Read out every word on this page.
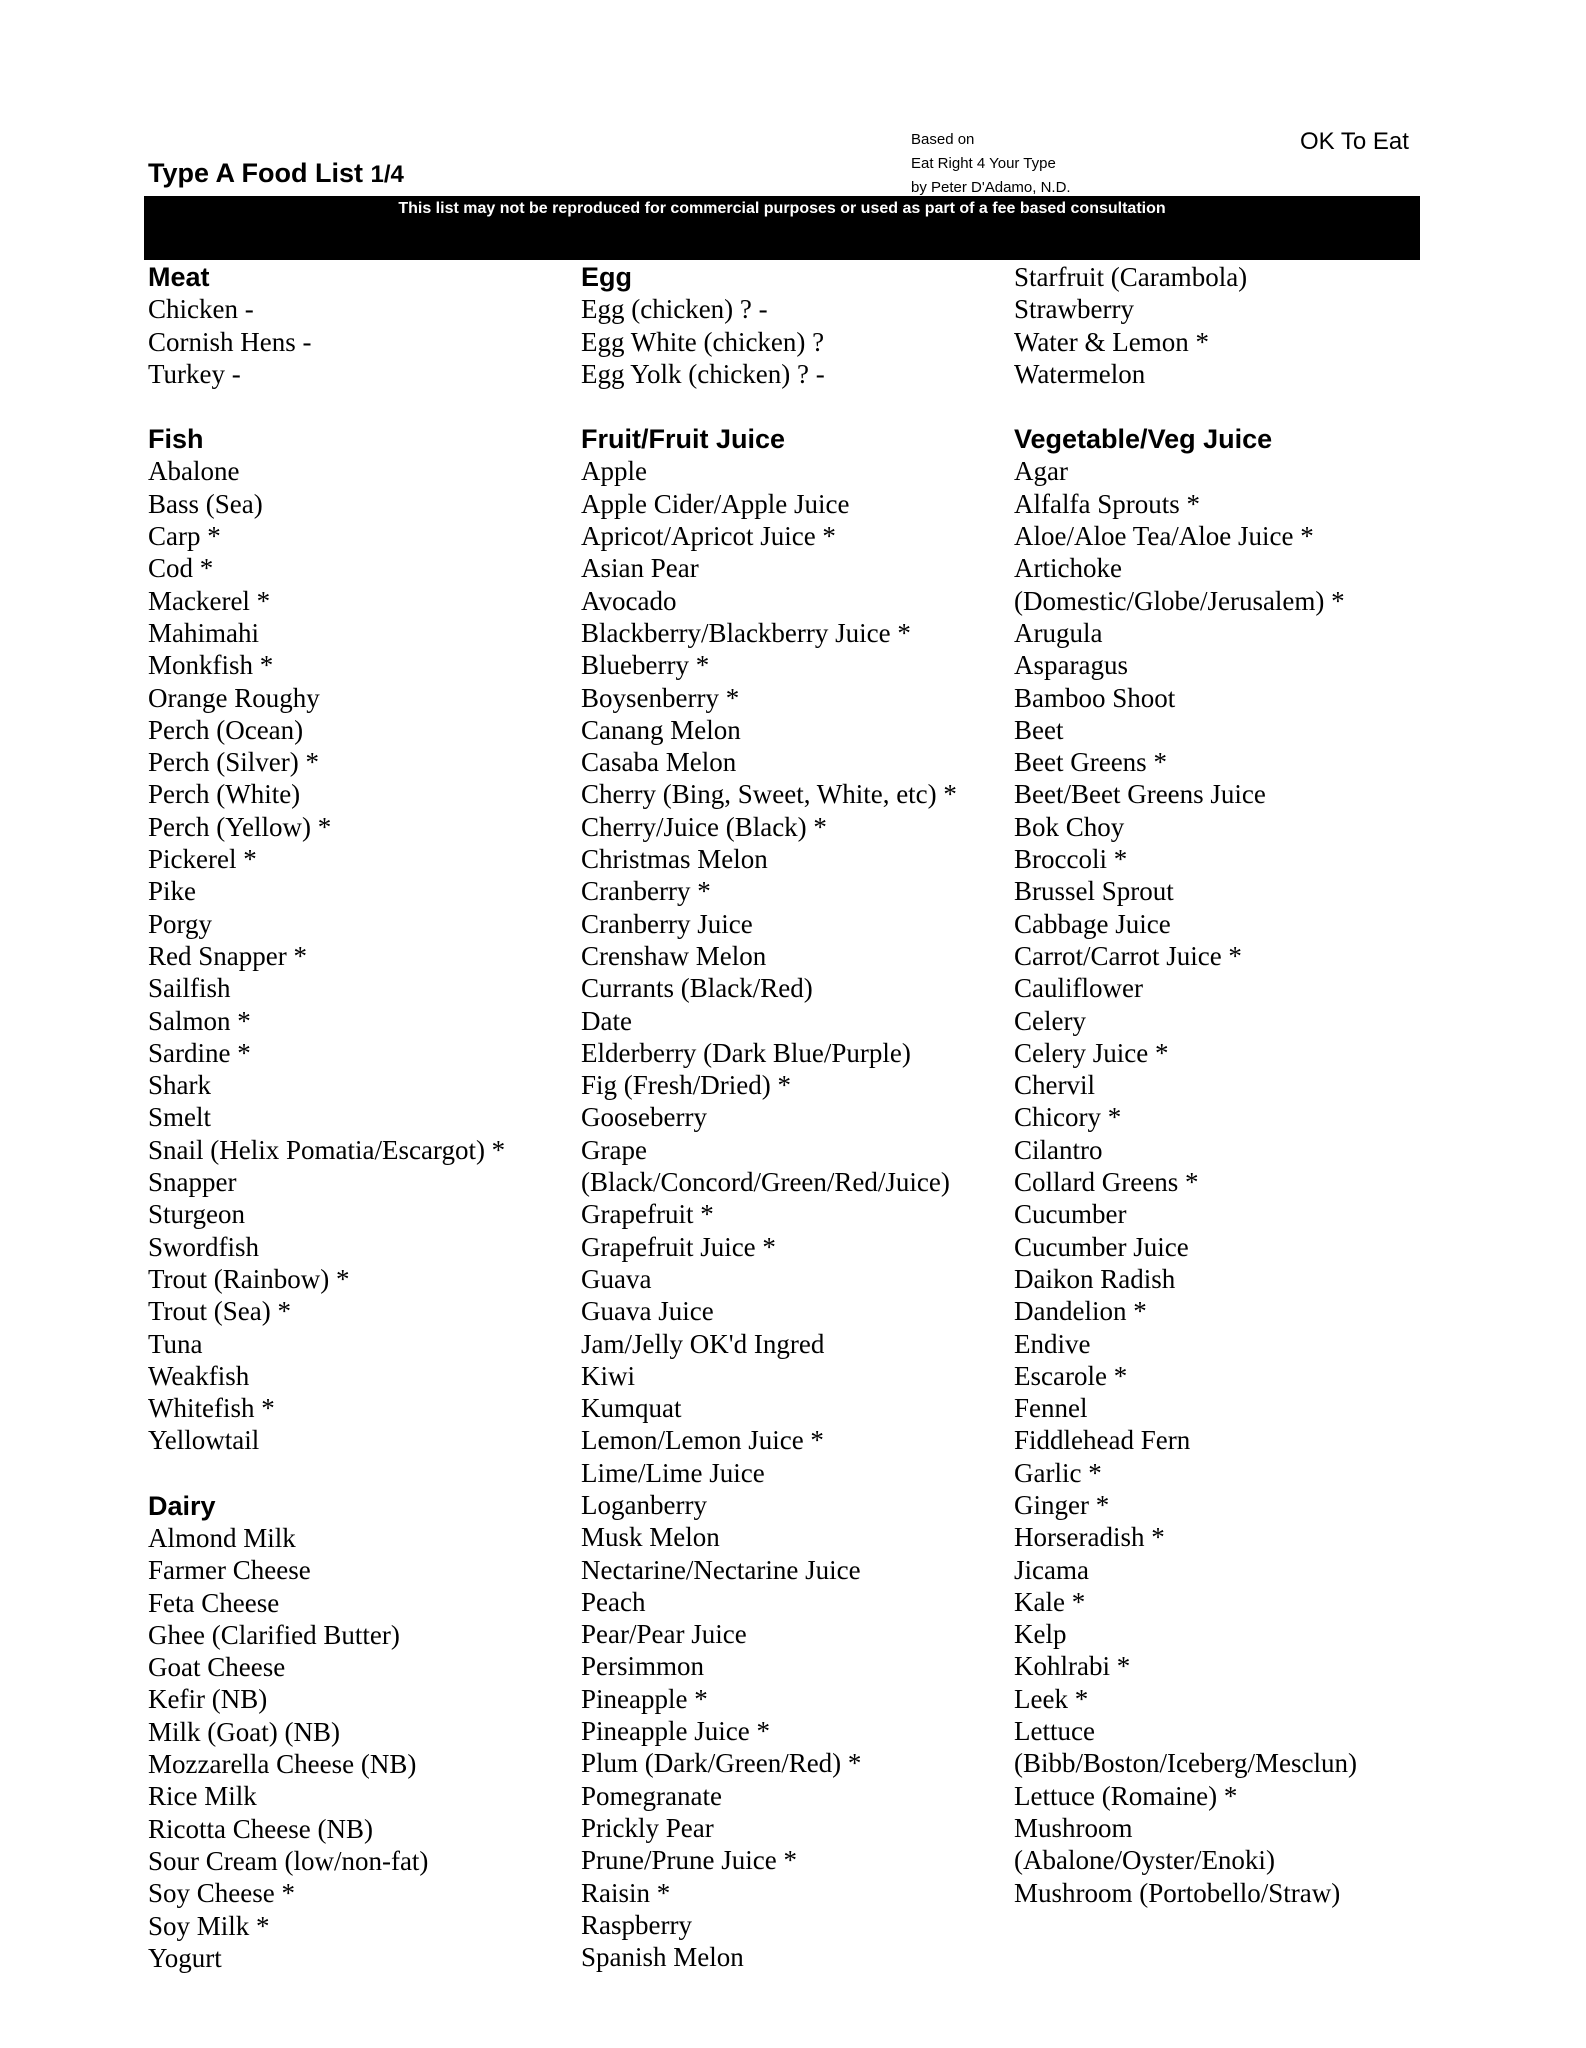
Type A Food List 1/4
Based on
Eat Right 4 Your Type
by Peter D'Adamo, N.D.
OK To Eat
This list may not be reproduced for commercial purposes or used as part of a fee based consultation
Meat
Chicken -
Cornish Hens -
Turkey -
Fish
Abalone
Bass (Sea)
Carp *
Cod *
Mackerel *
Mahimahi
Monkfish *
Orange Roughy
Perch (Ocean)
Perch (Silver) *
Perch (White)
Perch (Yellow) *
Pickerel *
Pike
Porgy
Red Snapper *
Sailfish
Salmon *
Sardine *
Shark
Smelt
Snail (Helix Pomatia/Escargot) *
Snapper
Sturgeon
Swordfish
Trout (Rainbow) *
Trout (Sea) *
Tuna
Weakfish
Whitefish *
Yellowtail
Dairy
Almond Milk
Farmer Cheese
Feta Cheese
Ghee (Clarified Butter)
Goat Cheese
Kefir (NB)
Milk (Goat) (NB)
Mozzarella Cheese (NB)
Rice Milk
Ricotta Cheese (NB)
Sour Cream (low/non-fat)
Soy Cheese *
Soy Milk *
Yogurt
Egg
Egg (chicken) ? -
Egg White (chicken) ?
Egg Yolk (chicken) ? -
Fruit/Fruit Juice
Apple
Apple Cider/Apple Juice
Apricot/Apricot Juice *
Asian Pear
Avocado
Blackberry/Blackberry Juice *
Blueberry *
Boysenberry *
Canang Melon
Casaba Melon
Cherry (Bing, Sweet, White, etc) *
Cherry/Juice (Black) *
Christmas Melon
Cranberry *
Cranberry Juice
Crenshaw Melon
Currants (Black/Red)
Date
Elderberry (Dark Blue/Purple)
Fig (Fresh/Dried) *
Gooseberry
Grape
(Black/Concord/Green/Red/Juice)
Grapefruit *
Grapefruit Juice *
Guava
Guava Juice
Jam/Jelly OK'd Ingred
Kiwi
Kumquat
Lemon/Lemon Juice *
Lime/Lime Juice
Loganberry
Musk Melon
Nectarine/Nectarine Juice
Peach
Pear/Pear Juice
Persimmon
Pineapple *
Pineapple Juice *
Plum (Dark/Green/Red) *
Pomegranate
Prickly Pear
Prune/Prune Juice *
Raisin *
Raspberry
Spanish Melon
Starfruit (Carambola)
Strawberry
Water & Lemon *
Watermelon
Vegetable/Veg Juice
Agar
Alfalfa Sprouts *
Aloe/Aloe Tea/Aloe Juice *
Artichoke
(Domestic/Globe/Jerusalem) *
Arugula
Asparagus
Bamboo Shoot
Beet
Beet Greens *
Beet/Beet Greens Juice
Bok Choy
Broccoli *
Brussel Sprout
Cabbage Juice
Carrot/Carrot Juice *
Cauliflower
Celery
Celery Juice *
Chervil
Chicory *
Cilantro
Collard Greens *
Cucumber
Cucumber Juice
Daikon Radish
Dandelion *
Endive
Escarole *
Fennel
Fiddlehead Fern
Garlic *
Ginger *
Horseradish *
Jicama
Kale *
Kelp
Kohlrabi *
Leek *
Lettuce
(Bibb/Boston/Iceberg/Mesclun)
Lettuce (Romaine) *
Mushroom
(Abalone/Oyster/Enoki)
Mushroom (Portobello/Straw)
